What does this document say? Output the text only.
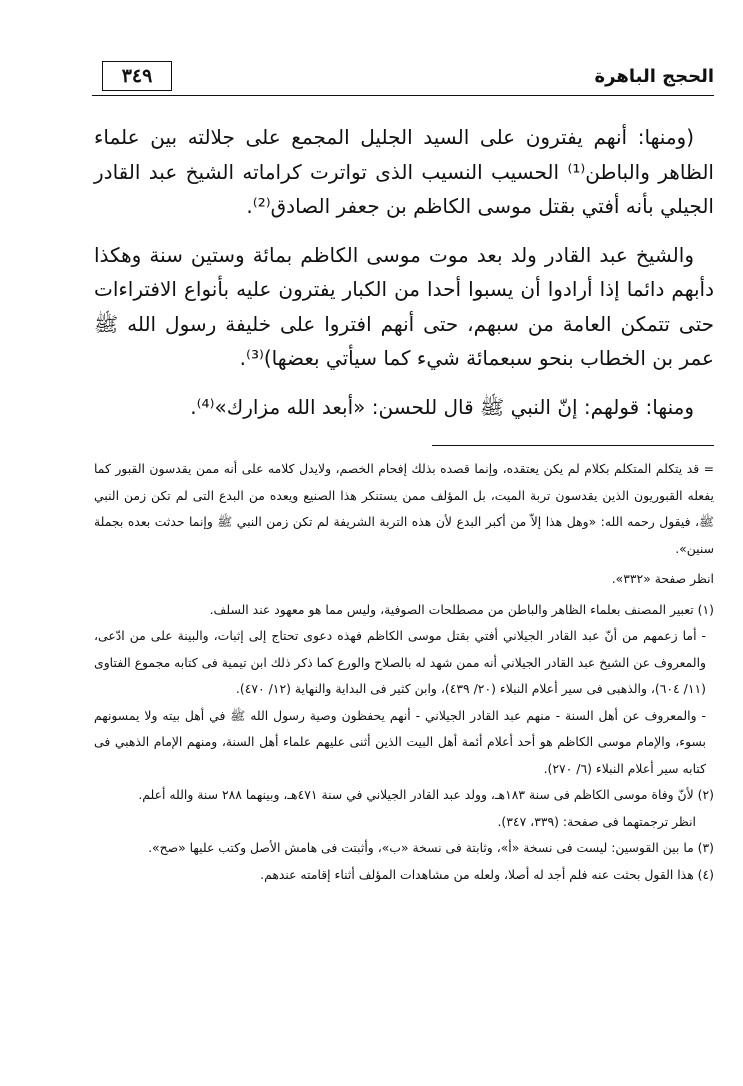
٣٤٩	الحجج الباهرة

(ومنها: أنهم يفترون على السيد الجليل المجمع على جلالته بين علماء الظاهر والباطن⁽¹⁾ الحسيب النسيب الذى تواترت كراماته الشيخ عبد القادر الجيلي بأنه أفتي بقتل موسى الكاظم بن جعفر الصادق⁽²⁾.

والشيخ عبد القادر ولد بعد موت موسى الكاظم بمائة وستين سنة وهكذا دأبهم دائما إذا أرادوا أن يسبوا أحدا من الكبار يفترون عليه بأنواع الافتراءات حتى تتمكن العامة من سبهم، حتى أنهم افتروا على خليفة رسول الله ﷺ عمر بن الخطاب بنحو سبعمائة شيء كما سيأتي بعضها)⁽³⁾.

ومنها: قولهم: إنّ النبي ﷺ قال للحسن: «أبعد الله مزارك»⁽⁴⁾.

= قد يتكلم المتكلم بكلام لم يكن يعتقده، وإنما قصده بذلك إفحام الخصم، ولايدل كلامه على أنه ممن يقدسون القبور كما يفعله القبوريون الذين يقدسون تربة الميت، بل المؤلف ممن يستنكر هذا الصنيع ويعده من البدع التى لم تكن زمن النبي ﷺ، فيقول رحمه الله: «وهل هذا إلاّ من أكبر البدع لأن هذه التربة الشريفة لم تكن زمن النبي ﷺ وإنما حدثت بعده بجملة سنين».

انظر صفحة «٣٣٢».

(١) تعبير المصنف بعلماء الظاهر والباطن من مصطلحات الصوفية، وليس مما هو معهود عند السلف.

- أما زعمهم من أنّ عبد القادر الجيلاني أفتي بقتل موسى الكاظم فهذه دعوى تحتاج إلى إثبات، والبينة على من ادّعى، والمعروف عن الشيخ عبد القادر الجيلاني أنه ممن شهد له بالصلاح والورع كما ذكر ذلك ابن تيمية فى كتابه مجموع الفتاوى (١١/ ٦٠٤)، والذهبى فى سير أعلام النبلاء (٢٠/ ٤٣٩)، وابن كثير فى البداية والنهاية (١٢/ ٤٧٠).

- والمعروف عن أهل السنة - منهم عبد القادر الجيلاني - أنهم يحفظون وصية رسول الله ﷺ في أهل بيته ولا يمسونهم بسوء، والإمام موسى الكاظم هو أحد أعلام أئمة أهل البيت الذين أثنى عليهم علماء أهل السنة، ومنهم الإمام الذهبي فى كتابه سير أعلام النبلاء (٦/ ٢٧٠).

(٢) لأنّ وفاة موسى الكاظم فى سنة ١٨٣هـ، وولد عبد القادر الجيلاني في سنة ٤٧١هـ، وبينهما ٢٨٨ سنة والله أعلم.

انظر ترجمتهما فى صفحة: (٣٣٩، ٣٤٧).

(٣) ما بين القوسين: ليست فى نسخة «أ»، وثابتة فى نسخة «ب»، وأثبتت فى هامش الأصل وكتب عليها «صح».

(٤) هذا القول بحثت عنه فلم أجد له أصلا، ولعله من مشاهدات المؤلف أثناء إقامته عندهم.
